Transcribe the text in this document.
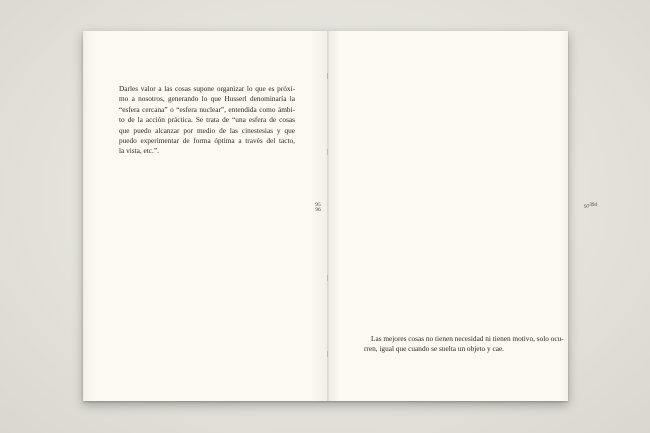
Darles valor a las cosas supone organizar lo que es próxi-
mo a nosotros, generando lo que Husserl denominaría la
“esfera cercana” o “esfera nuclear”, entendida como ámbi-
to de la acción práctica. Se trata de “una esfera de cosas
que puedo alcanzar por medio de las cinestesias y que
puedo experimentar de forma óptima a través del tacto,
la vista, etc.”.

95
96	$97^{394}$

Las mejores cosas no tienen necesidad ni tienen motivo, solo ocu-
rren, igual que cuando se suelta un objeto y cae.
